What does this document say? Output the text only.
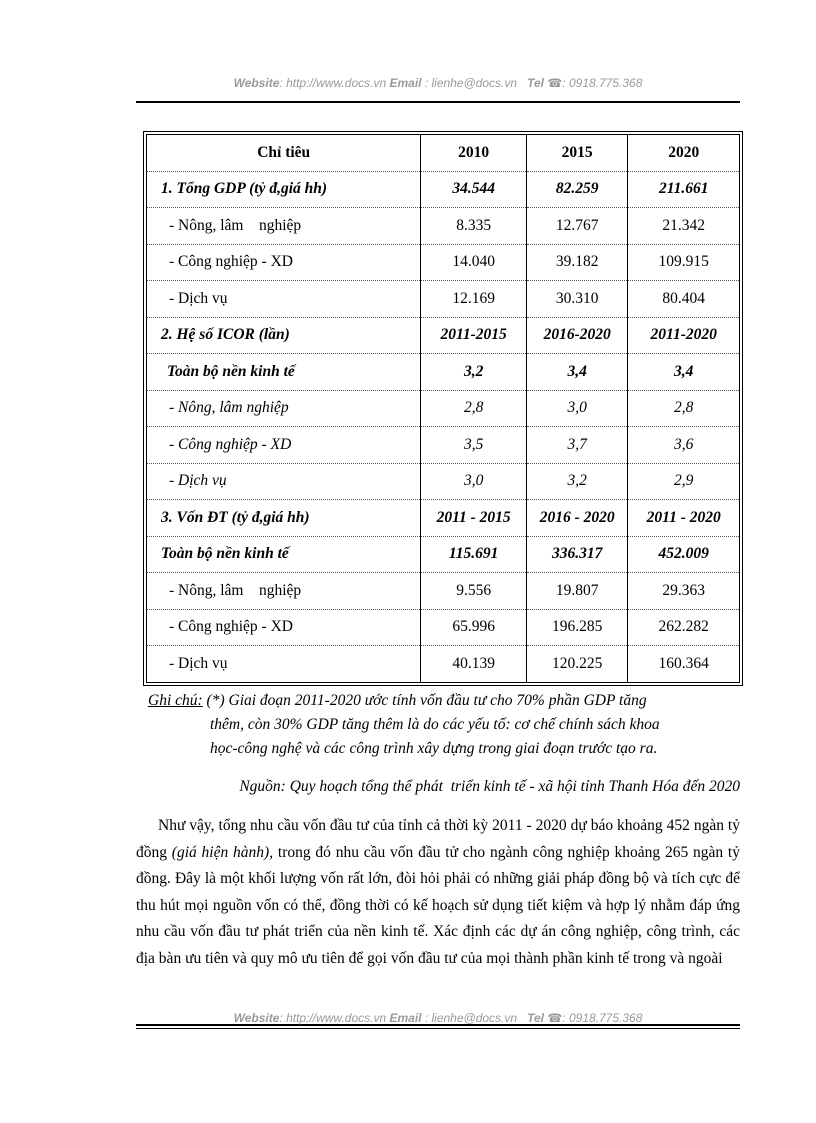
Website: http://www.docs.vn Email : lienhe@docs.vn Tel ☎: 0918.775.368
Chỉ tiêu	2010	2015	2020
1. Tổng GDP (tỷ đ,giá hh)	34.544	82.259	211.661
- Nông, lâm    nghiệp	8.335	12.767	21.342
- Công nghiệp - XD	14.040	39.182	109.915
- Dịch vụ	12.169	30.310	80.404
2. Hệ số ICOR (lần)	2011-2015	2016-2020	2011-2020
Toàn bộ nền kinh tế	3,2	3,4	3,4
- Nông, lâm nghiệp	2,8	3,0	2,8
- Công nghiệp - XD	3,5	3,7	3,6
- Dịch vụ	3,0	3,2	2,9
3. Vốn ĐT (tỷ đ,giá hh)	2011 - 2015	2016 - 2020	2011 - 2020
Toàn bộ nền kinh tế	115.691	336.317	452.009
- Nông, lâm    nghiệp	9.556	19.807	29.363
- Công nghiệp - XD	65.996	196.285	262.282
- Dịch vụ	40.139	120.225	160.364
Ghi chú: (*) Giai đoạn 2011-2020 ước tính vốn đầu tư cho 70% phần GDP tăng
thêm, còn 30% GDP tăng thêm là do các yếu tố: cơ chế chính sách khoa
học-công nghệ và các công trình xây dựng trong giai đoạn trước tạo ra.
Nguồn: Quy hoạch tổng thể phát  triển kinh tế - xã hội tỉnh Thanh Hóa đến 2020

Như vậy, tổng nhu cầu vốn đầu tư của tỉnh cả thời kỳ 2011 - 2020 dự báo khoảng 452 ngàn tỷ đồng (giá hiện hành), trong đó nhu cầu vốn đầu tử cho ngành công nghiệp khoảng 265 ngàn tỷ đồng. Đây là một khối lượng vốn rất lớn, đòi hỏi phải có những giải pháp đồng bộ và tích cực để thu hút mọi nguồn vốn có thể, đồng thời có kế hoạch sử dụng tiết kiệm và hợp lý nhằm đáp ứng nhu cầu vốn đầu tư phát triển của nền kinh tế. Xác định các dự án công nghiệp, công trình, các địa bàn ưu tiên và quy mô ưu tiên để gọi vốn đầu tư của mọi thành phần kinh tế trong và ngoài

Website: http://www.docs.vn Email : lienhe@docs.vn Tel ☎: 0918.775.368
